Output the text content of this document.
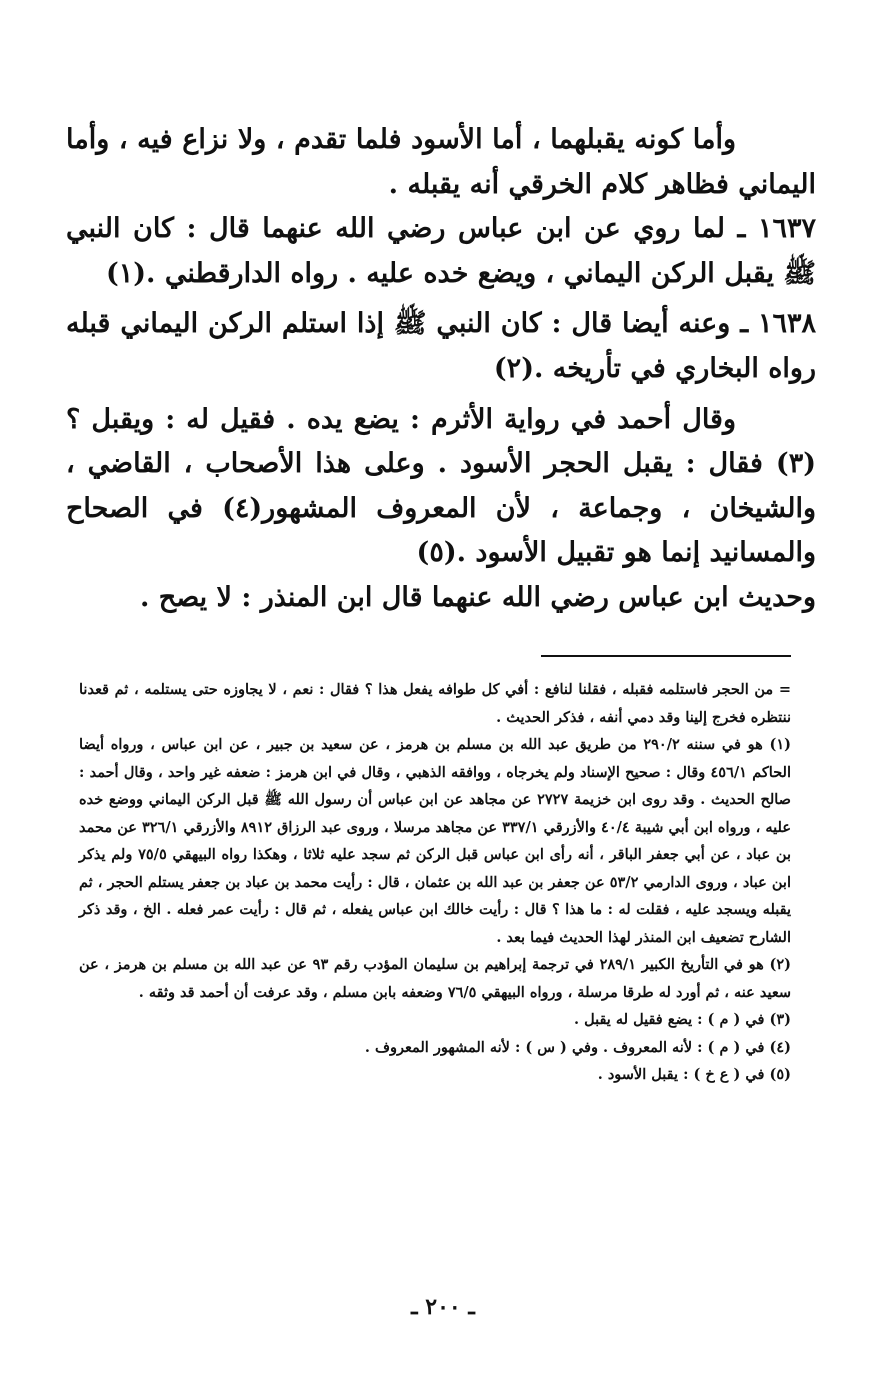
وأما كونه يقبلهما ، أما الأسود فلما تقدم ، ولا نزاع فيه ، وأما اليماني فظاهر كلام الخرقي أنه يقبله .

١٦٣٧ ـ لما روي عن ابن عباس رضي الله عنهما قال : كان النبي ﷺ يقبل الركن اليماني ، ويضع خده عليه . رواه الدارقطني .(١)

١٦٣٨ ـ وعنه أيضا قال : كان النبي ﷺ إذا استلم الركن اليماني قبله رواه البخاري في تأريخه .(٢)

وقال أحمد في رواية الأثرم : يضع يده . فقيل له : ويقبل ؟(٣) فقال : يقبل الحجر الأسود . وعلى هذا الأصحاب ، القاضي ، والشيخان ، وجماعة ، لأن المعروف المشهور(٤) في الصحاح والمسانيد إنما هو تقبيل الأسود .(٥)

وحديث ابن عباس رضي الله عنهما قال ابن المنذر : لا يصح .

= من الحجر فاستلمه فقبله ، فقلنا لنافع : أفي كل طوافه يفعل هذا ؟ فقال : نعم ، لا يجاوزه حتى يستلمه ، ثم قعدنا ننتظره فخرج إلينا وقد دمي أنفه ، فذكر الحديث .

(١) هو في سننه ٢٩٠/٢ من طريق عبد الله بن مسلم بن هرمز ، عن سعيد بن جبير ، عن ابن عباس ، ورواه أيضا الحاكم ٤٥٦/١ وقال : صحيح الإسناد ولم يخرجاه ، ووافقه الذهبي ، وقال في ابن هرمز : ضعفه غير واحد ، وقال أحمد : صالح الحديث . وقد روى ابن خزيمة ٢٧٢٧ عن مجاهد عن ابن عباس أن رسول الله ﷺ قبل الركن اليماني ووضع خده عليه ، ورواه ابن أبي شيبة ٤٠/٤ والأزرقي ٣٣٧/١ عن مجاهد مرسلا ، وروى عبد الرزاق ٨٩١٢ والأزرقي ٣٢٦/١ عن محمد بن عباد ، عن أبي جعفر الباقر ، أنه رأى ابن عباس قبل الركن ثم سجد عليه ثلاثا ، وهكذا رواه البيهقي ٧٥/٥ ولم يذكر ابن عباد ، وروى الدارمي ٥٣/٢ عن جعفر بن عبد الله بن عثمان ، قال : رأيت محمد بن عباد بن جعفر يستلم الحجر ، ثم يقبله ويسجد عليه ، فقلت له : ما هذا ؟ قال : رأيت خالك ابن عباس يفعله ، ثم قال : رأيت عمر فعله . الخ ، وقد ذكر الشارح تضعيف ابن المنذر لهذا الحديث فيما بعد .

(٢) هو في التأريخ الكبير ٢٨٩/١ في ترجمة إبراهيم بن سليمان المؤدب رقم ٩٣ عن عبد الله بن مسلم بن هرمز ، عن سعيد عنه ، ثم أورد له طرقا مرسلة ، ورواه البيهقي ٧٦/٥ وضعفه بابن مسلم ، وقد عرفت أن أحمد قد وثقه .

(٣) في ( م ) : يضع فقيل له يقبل .

(٤) في ( م ) : لأنه المعروف . وفي ( س ) : لأنه المشهور المعروف .

(٥) في ( ع خ ) : يقبل الأسود .

ـ ٢٠٠ ـ
